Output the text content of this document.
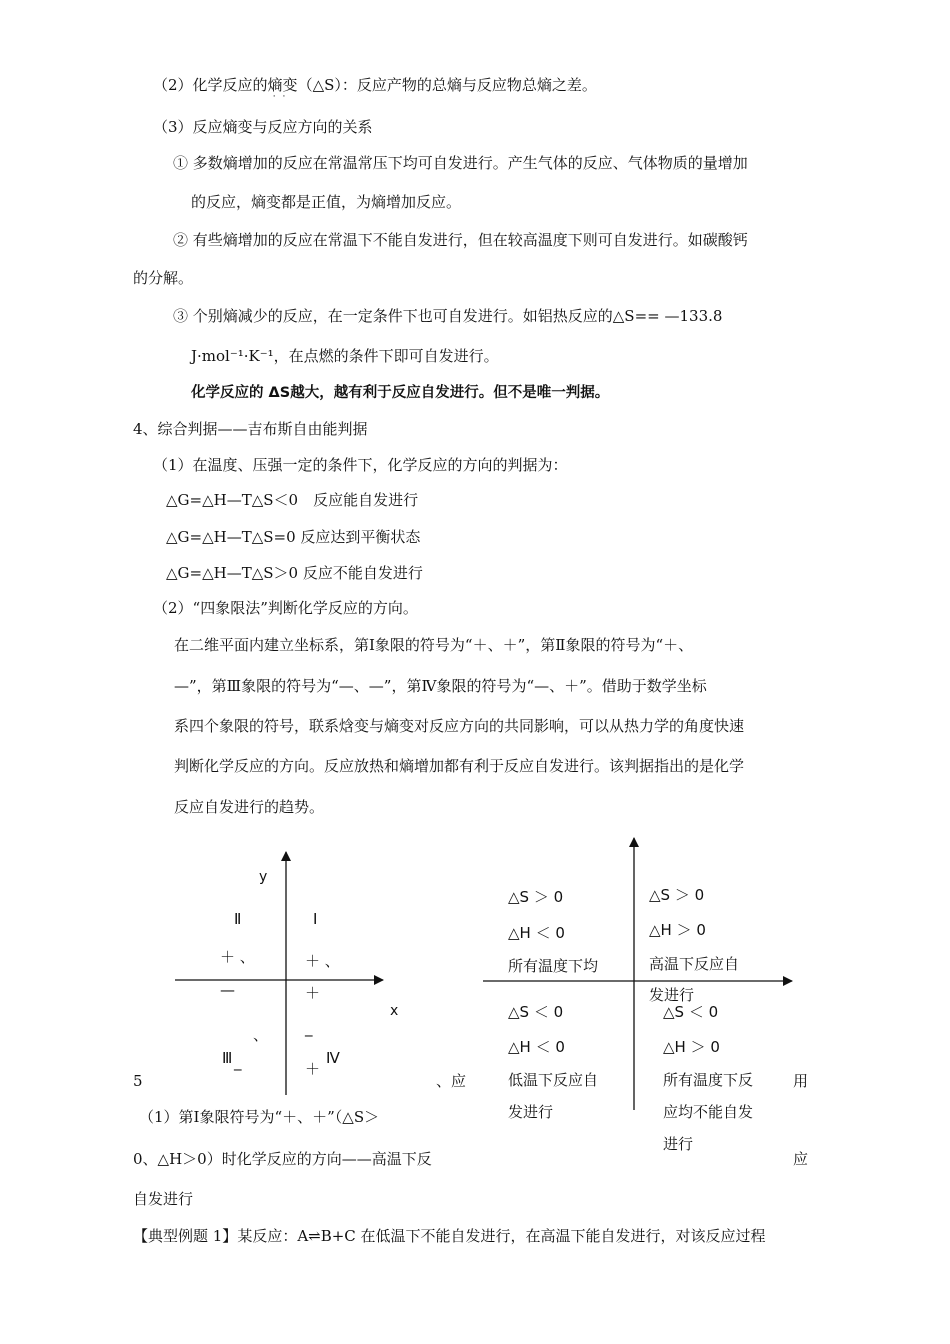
（2）化学反应的熵变
··
（△S）：反应产物的总熵与反应物总熵之差。
（3）反应熵变与反应方向的关系
① 多数熵增加的反应在常温常压下均可自发进行。产生气体的反应、气体物质的量增加
的反应，熵变都是正值，为熵增加反应。
② 有些熵增加的反应在常温下不能自发进行，但在较高温度下则可自发进行。如碳酸钙
的分解。
③ 个别熵减少的反应，在一定条件下也可自发进行。如铝热反应的△S== —133.8
J·mol⁻¹·K⁻¹，在点燃的条件下即可自发进行。
化学反应的 ΔS越大，越有利于反应自发进行。但不是唯一判据。
4、综合判据——吉布斯自由能判据
（1）在温度、压强一定的条件下，化学反应的方向的判据为：
△G=△H—T△S＜0　反应能自发进行
△G=△H—T△S=0 反应达到平衡状态
△G=△H—T△S＞0 反应不能自发进行
（2）“四象限法”判断化学反应的方向。
在二维平面内建立坐标系，第Ⅰ象限的符号为“＋、＋”，第Ⅱ象限的符号为“＋、
—”，第Ⅲ象限的符号为“—、—”，第Ⅳ象限的符号为“—、＋”。借助于数学坐标
系四个象限的符号，联系焓变与熵变对反应方向的共同影响，可以从热力学的角度快速
判断化学反应的方向。反应放热和熵增加都有利于反应自发进行。该判据指出的是化学
反应自发进行的趋势。
y
x
Ⅱ	Ⅰ
＋ 、
—
＋ 、
＋
、
Ⅲ _
_
Ⅳ
＋
△S ＞ 0
△H ＜ 0
所有温度下均
△S ＞ 0
△H ＞ 0
高温下反应自
发进行
△S ＜ 0
△H ＜ 0
低温下反应自
发进行
△S ＜ 0
△H ＞ 0
所有温度下反
应均不能自发
进行
5	、应	用
（1）第Ⅰ象限符号为“＋、＋”（△S＞
0、△H＞0）时化学反应的方向——高温下反	应
自发进行
【典型例题 1】某反应：A⇌B+C 在低温下不能自发进行，在高温下能自发进行，对该反应过程
